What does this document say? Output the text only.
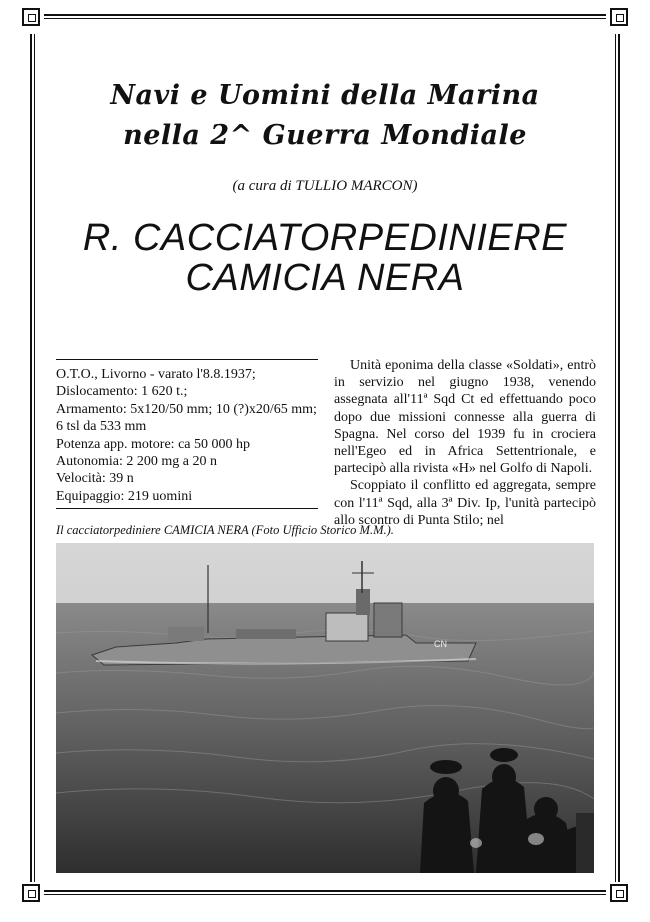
Navi e Uomini della Marina
nella 2^ Guerra Mondiale
(a cura di TULLIO MARCON)
R. CACCIATORPEDINIERE
CAMICIA NERA
O.T.O., Livorno - varato l'8.8.1937;
Dislocamento: 1 620 t.;
Armamento: 5x120/50 mm; 10 (?)x20/65 mm; 6 tsl da 533 mm
Potenza app. motore: ca 50 000 hp
Autonomia: 2 200 mg a 20 n
Velocità: 39 n
Equipaggio: 219 uomini

Unità eponima della classe «Soldati», entrò in servizio nel giugno 1938, venendo assegnata all'11ª Sqd Ct ed effettuando poco dopo due missioni connesse alla guerra di Spagna. Nel corso del 1939 fu in crociera nell'Egeo ed in Africa Settentrionale, e partecipò alla rivista «H» nel Golfo di Napoli.

Scoppiato il conflitto ed aggregata, sempre con l'11ª Sqd, alla 3ª Div. Ip, l'unità partecipò allo scontro di Punta Stilo; nel

Il cacciatorpediniere CAMICIA NERA (Foto Ufficio Storico M.M.).
CN
